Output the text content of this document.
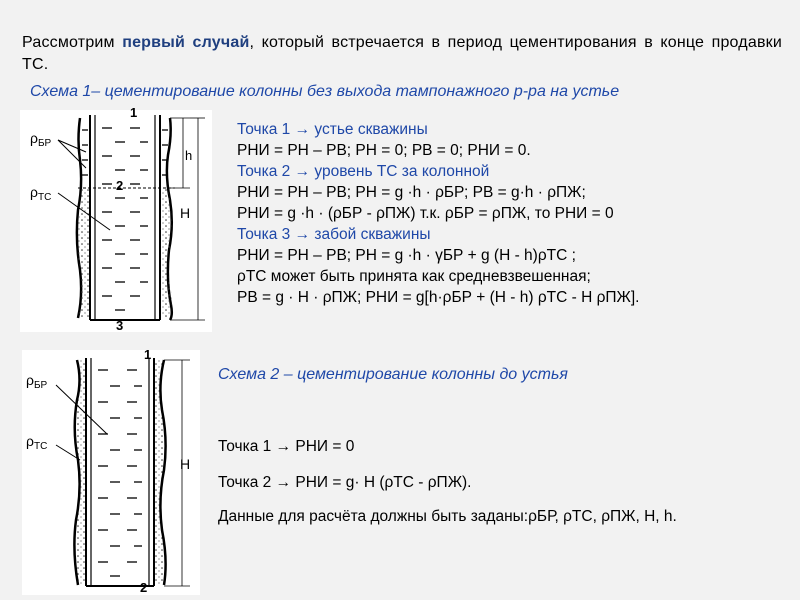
Рассмотрим первый случай, который встречается в период цементирования в конце продавки ТС.
Схема 1– цементирование колонны без выхода тампонажного р-ра на устье
$\rho_{БР}$
$\rho_{ТС}$
h
H
1
2
3
Точка 1 → устье скважины
PНИ = PН – PВ; PН = 0; PВ = 0; PНИ = 0.
Точка 2 → уровень ТС за колонной
PНИ = PН – PВ; PН = g ·h · ρБР; PВ = g·h · ρПЖ;
PНИ = g ·h · (ρБР - ρПЖ) т.к. ρБР = ρПЖ, то PНИ = 0
Точка 3 → забой скважины
PНИ = PН – PВ; PН = g ·h · γБР + g (H - h)ρТС ;
ρТС может быть принята как средневзвешенная;
PВ = g · H · ρПЖ; PНИ = g[h·ρБР + (H - h) ρТС - H ρПЖ].
Схема 2 – цементирование колонны до устья
$\rho_{БР}$
$\rho_{ТС}$
H
1
2
Точка 1 → PНИ = 0
Точка 2 → PНИ = g· H (ρТС - ρПЖ).
Данные для расчёта должны быть заданы:ρБР, ρТС, ρПЖ, H, h.
